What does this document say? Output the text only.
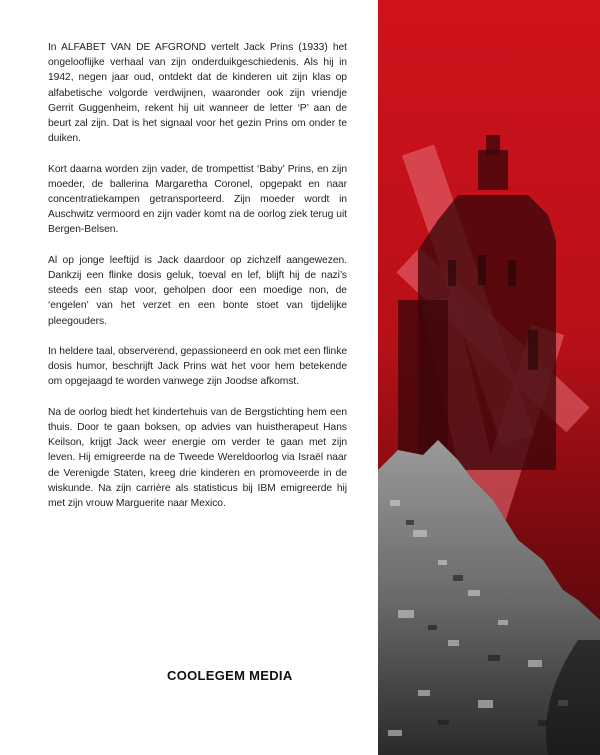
In ALFABET VAN DE AFGROND vertelt Jack Prins (1933) het ongelooflijke verhaal van zijn onderduikgeschiedenis. Als hij in 1942, negen jaar oud, ontdekt dat de kinderen uit zijn klas op alfabetische volgorde verdwijnen, waaronder ook zijn vriendje Gerrit Guggenheim, rekent hij uit wanneer de letter ‘P’ aan de beurt zal zijn. Dat is het signaal voor het gezin Prins om onder te duiken.

Kort daarna worden zijn vader, de trompettist ‘Baby’ Prins, en zijn moeder, de ballerina Margaretha Coronel, opgepakt en naar concentratiekampen getransporteerd. Zijn moeder wordt in Auschwitz vermoord en zijn vader komt na de oorlog ziek terug uit Bergen-Belsen.

Al op jonge leeftijd is Jack daardoor op zichzelf aangewezen. Dankzij een flinke dosis geluk, toeval en lef, blijft hij de nazi’s steeds een stap voor, geholpen door een moedige non, de ‘engelen’ van het verzet en een bonte stoet van tijdelijke pleegouders.

In heldere taal, observerend, gepassioneerd en ook met een flinke dosis humor, beschrijft Jack Prins wat het voor hem betekende om opgejaagd te worden vanwege zijn Joodse afkomst.

Na de oorlog biedt het kindertehuis van de Bergstichting hem een thuis. Door te gaan boksen, op advies van huistherapeut Hans Keilson, krijgt Jack weer energie om verder te gaan met zijn leven. Hij emigreerde na de Tweede Wereldoorlog via Israël naar de Verenigde Staten, kreeg drie kinderen en promoveerde in de wiskunde. Na zijn carrière als statisticus bij IBM emigreerde hij met zijn vrouw Marguerite naar Mexico.

COOLEGEM MEDIA
